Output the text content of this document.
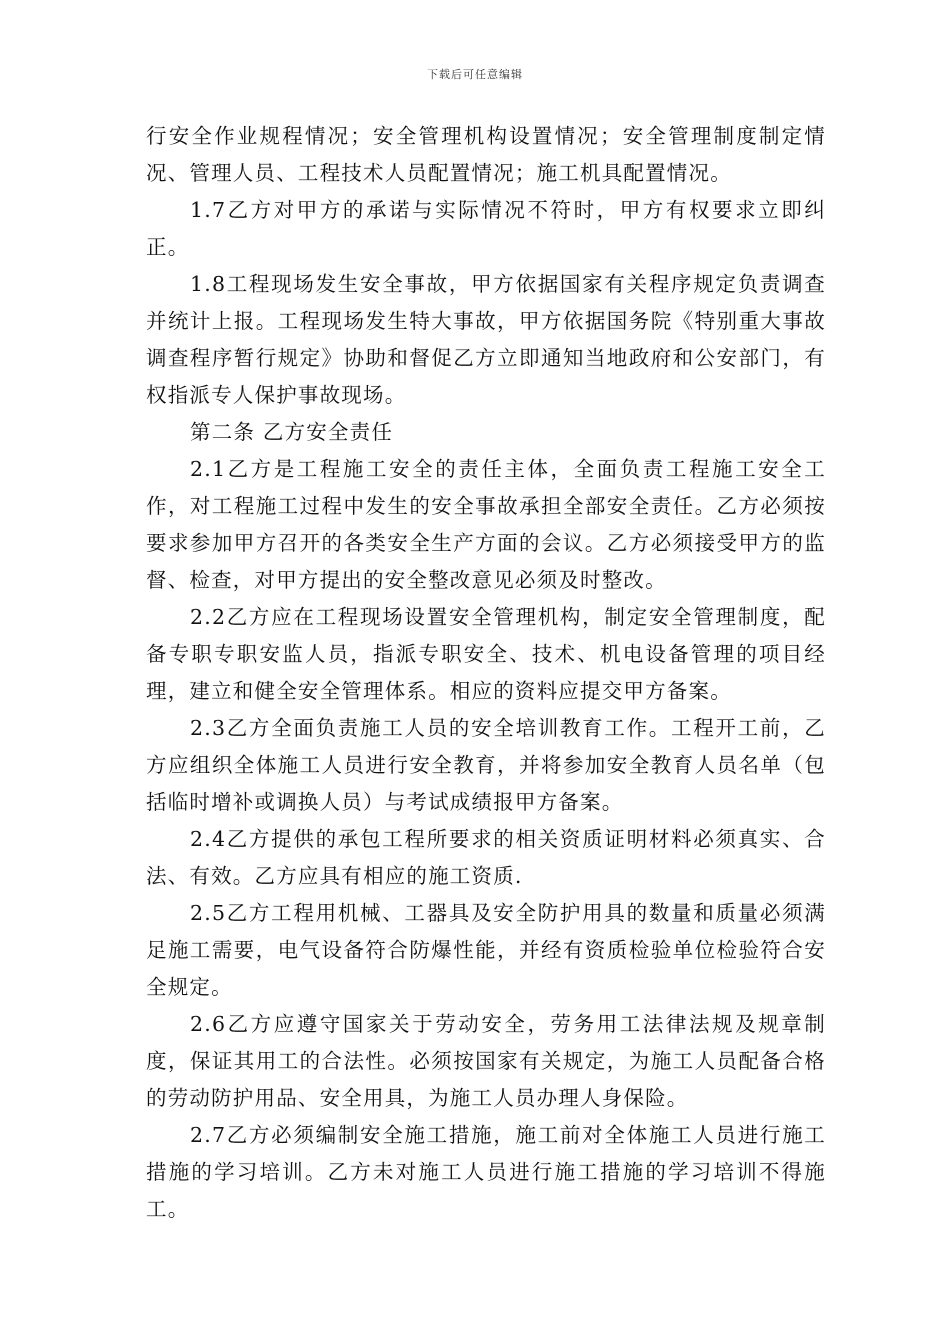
下载后可任意编辑

行安全作业规程情况；安全管理机构设置情况；安全管理制度制定情况、管理人员、工程技术人员配置情况；施工机具配置情况。

1.7乙方对甲方的承诺与实际情况不符时，甲方有权要求立即纠正。

1.8工程现场发生安全事故，甲方依据国家有关程序规定负责调查并统计上报。工程现场发生特大事故，甲方依据国务院《特别重大事故调查程序暂行规定》协助和督促乙方立即通知当地政府和公安部门，有权指派专人保护事故现场。

第二条 乙方安全责任

2.1乙方是工程施工安全的责任主体，全面负责工程施工安全工作，对工程施工过程中发生的安全事故承担全部安全责任。乙方必须按要求参加甲方召开的各类安全生产方面的会议。乙方必须接受甲方的监督、检查，对甲方提出的安全整改意见必须及时整改。

2.2乙方应在工程现场设置安全管理机构，制定安全管理制度，配备专职专职安监人员，指派专职安全、技术、机电设备管理的项目经理，建立和健全安全管理体系。相应的资料应提交甲方备案。

2.3乙方全面负责施工人员的安全培训教育工作。工程开工前，乙方应组织全体施工人员进行安全教育，并将参加安全教育人员名单（包括临时增补或调换人员）与考试成绩报甲方备案。

2.4乙方提供的承包工程所要求的相关资质证明材料必须真实、合法、有效。乙方应具有相应的施工资质.

2.5乙方工程用机械、工器具及安全防护用具的数量和质量必须满足施工需要，电气设备符合防爆性能，并经有资质检验单位检验符合安全规定。

2.6乙方应遵守国家关于劳动安全，劳务用工法律法规及规章制度，保证其用工的合法性。必须按国家有关规定，为施工人员配备合格的劳动防护用品、安全用具，为施工人员办理人身保险。

2.7乙方必须编制安全施工措施，施工前对全体施工人员进行施工措施的学习培训。乙方未对施工人员进行施工措施的学习培训不得施工。
